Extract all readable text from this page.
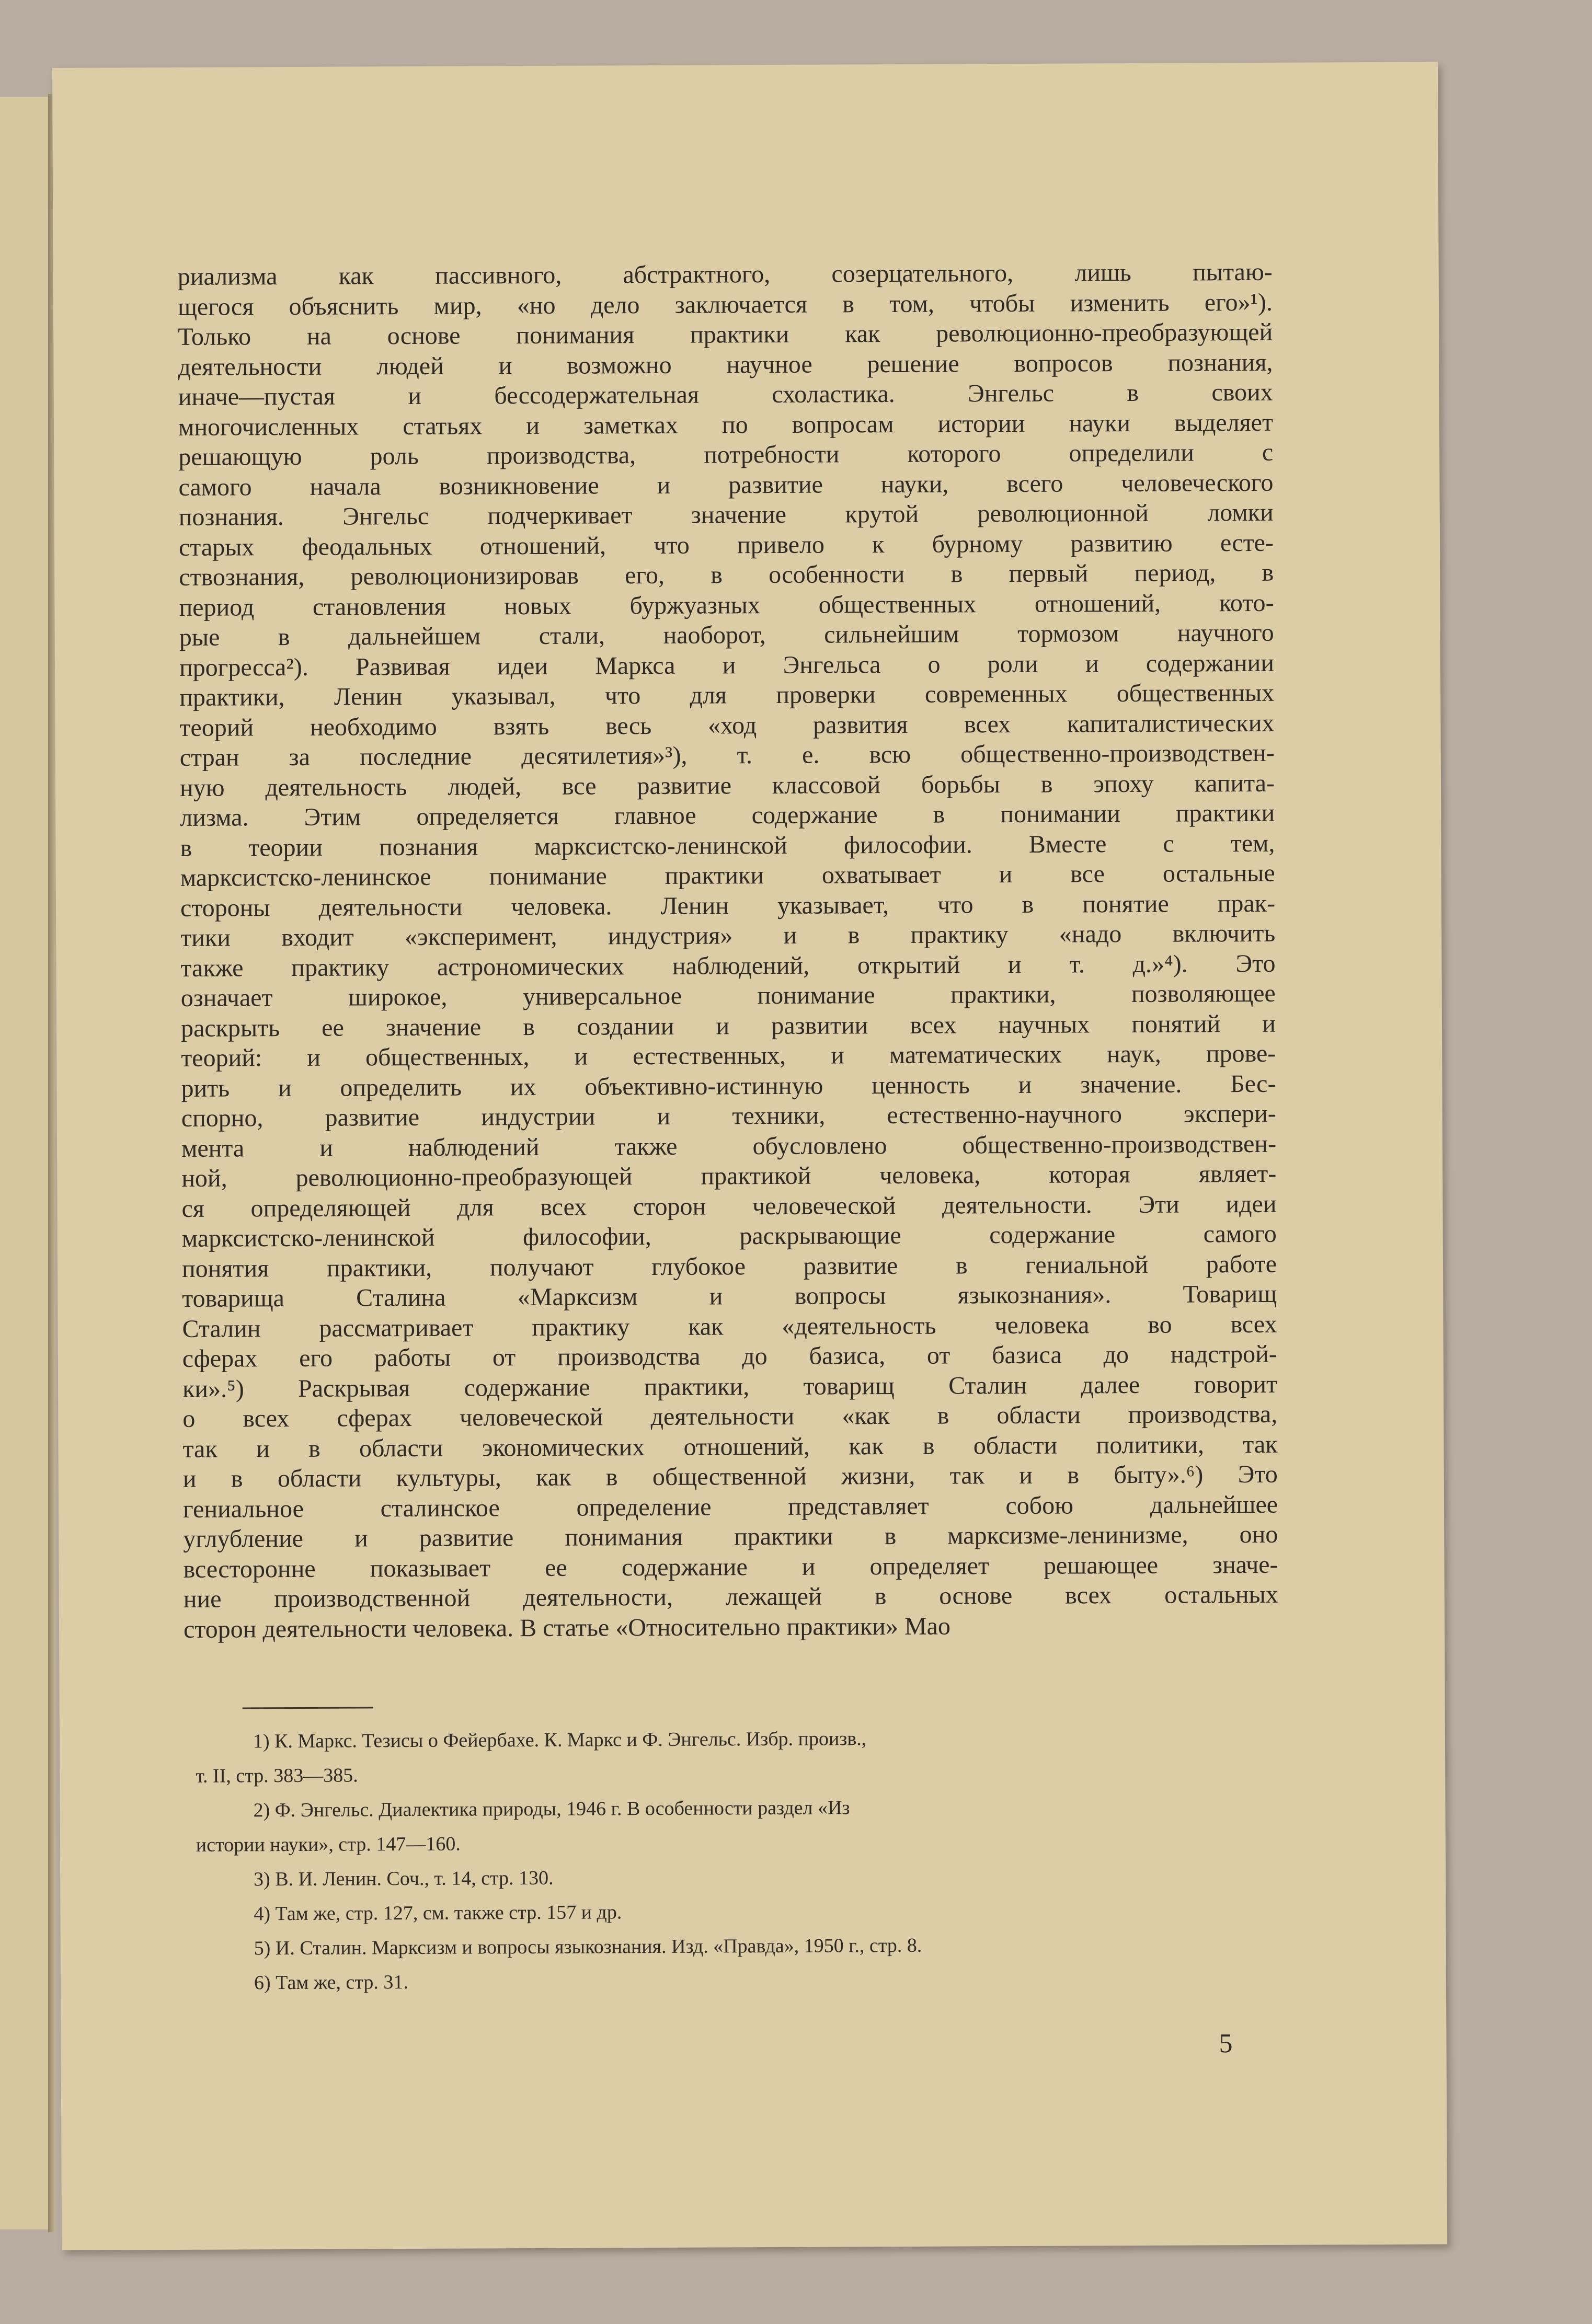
риализма как пассивного, абстрактного, созерцательного, лишь пытаю-
щегося объяснить мир, «но дело заключается в том, чтобы изменить его»¹).
Только на основе понимания практики как революционно-преобразующей
деятельности людей и возможно научное решение вопросов познания,
иначе—пустая и бессодержательная схоластика. Энгельс в своих
многочисленных статьях и заметках по вопросам истории науки выделяет
решающую роль производства, потребности которого определили с
самого начала возникновение и развитие науки, всего человеческого
познания. Энгельс подчеркивает значение крутой революционной ломки
старых феодальных отношений, что привело к бурному развитию есте-
ствознания, революционизировав его, в особенности в первый период, в
период становления новых буржуазных общественных отношений, кото-
рые в дальнейшем стали, наоборот, сильнейшим тормозом научного
прогресса²). Развивая идеи Маркса и Энгельса о роли и содержании
практики, Ленин указывал, что для проверки современных общественных
теорий необходимо взять весь «ход развития всех капиталистических
стран за последние десятилетия»³), т. е. всю общественно-производствен-
ную деятельность людей, все развитие классовой борьбы в эпоху капита-
лизма. Этим определяется главное содержание в понимании практики
в теории познания марксистско-ленинской философии. Вместе с тем,
марксистско-ленинское понимание практики охватывает и все остальные
стороны деятельности человека. Ленин указывает, что в понятие прак-
тики входит «эксперимент, индустрия» и в практику «надо включить
также практику астрономических наблюдений, открытий и т. д.»⁴). Это
означает широкое, универсальное понимание практики, позволяющее
раскрыть ее значение в создании и развитии всех научных понятий и
теорий: и общественных, и естественных, и математических наук, прове-
рить и определить их объективно-истинную ценность и значение. Бес-
спорно, развитие индустрии и техники, естественно-научного экспери-
мента и наблюдений также обусловлено общественно-производствен-
ной, революционно-преобразующей практикой человека, которая являет-
ся определяющей для всех сторон человеческой деятельности. Эти идеи
марксистско-ленинской философии, раскрывающие содержание самого
понятия практики, получают глубокое развитие в гениальной работе
товарища Сталина «Марксизм и вопросы языкознания». Товарищ
Сталин рассматривает практику как «деятельность человека во всех
сферах его работы от производства до базиса, от базиса до надстрой-
ки».⁵) Раскрывая содержание практики, товарищ Сталин далее говорит
о всех сферах человеческой деятельности «как в области производства,
так и в области экономических отношений, как в области политики, так
и в области культуры, как в общественной жизни, так и в быту».⁶) Это
гениальное сталинское определение представляет собою дальнейшее
углубление и развитие понимания практики в марксизме-ленинизме, оно
всесторонне показывает ее содержание и определяет решающее значе-
ние производственной деятельности, лежащей в основе всех остальных
сторон деятельности человека. В статье «Относительно практики» Мао
1) К. Маркс. Тезисы о Фейербахе. К. Маркс и Ф. Энгельс. Избр. произв.,
т. II, стр. 383—385.
2) Ф. Энгельс. Диалектика природы, 1946 г. В особенности раздел «Из
истории науки», стр. 147—160.
3) В. И. Ленин. Соч., т. 14, стр. 130.
4) Там же, стр. 127, см. также стр. 157 и др.
5) И. Сталин. Марксизм и вопросы языкознания. Изд. «Правда», 1950 г., стр. 8.
6) Там же, стр. 31.
5
